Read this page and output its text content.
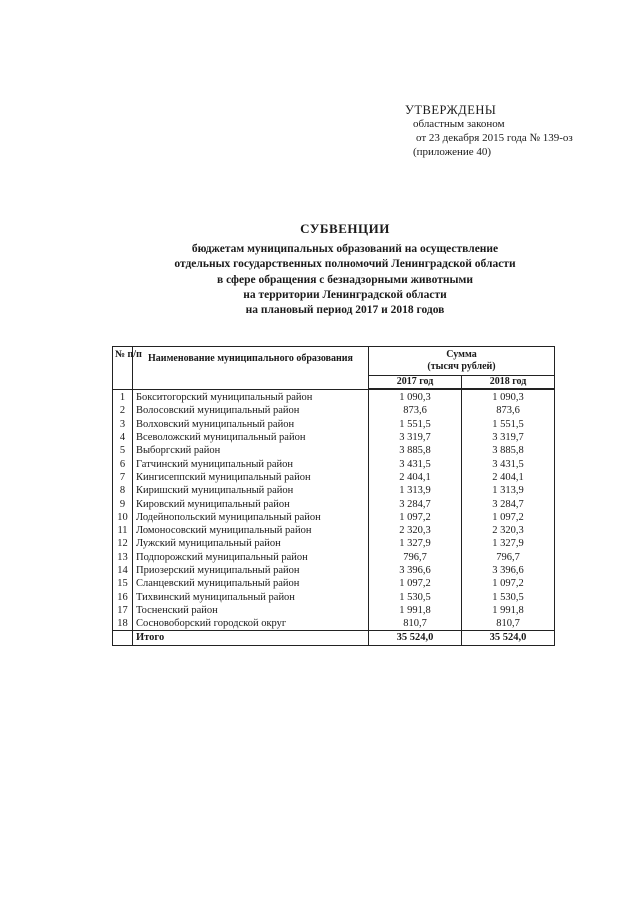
УТВЕРЖДЕНЫ
областным законом
от 23 декабря 2015 года № 139-оз
(приложение 40)
СУБВЕНЦИИ
бюджетам муниципальных образований на осуществление
отдельных государственных полномочий Ленинградской области
в сфере обращения с безнадзорными животными
на территории Ленинградской области
на плановый период 2017 и 2018 годов
№ п/п	Наименование муниципального образования	Сумма
(тысяч рублей)	

		2017 год	2018 год
1	Бокситогорский муниципальный район	1 090,3	1 090,3
2	Волосовский муниципальный район	873,6	873,6
3	Волховский муниципальный район	1 551,5	1 551,5
4	Всеволожский муниципальный район	3 319,7	3 319,7
5	Выборгский район	3 885,8	3 885,8
6	Гатчинский муниципальный район	3 431,5	3 431,5
7	Кингисеппский муниципальный район	2 404,1	2 404,1
8	Киришский муниципальный район	1 313,9	1 313,9
9	Кировский муниципальный район	3 284,7	3 284,7
10	Лодейнопольский муниципальный район	1 097,2	1 097,2
11	Ломоносовский муниципальный район	2 320,3	2 320,3
12	Лужский муниципальный район	1 327,9	1 327,9
13	Подпорожский муниципальный район	796,7	796,7
14	Приозерский муниципальный район	3 396,6	3 396,6
15	Сланцевский муниципальный район	1 097,2	1 097,2
16	Тихвинский муниципальный район	1 530,5	1 530,5
17	Тосненский район	1 991,8	1 991,8
18	Сосновоборский городской округ	810,7	810,7
	Итого	35 524,0	35 524,0
